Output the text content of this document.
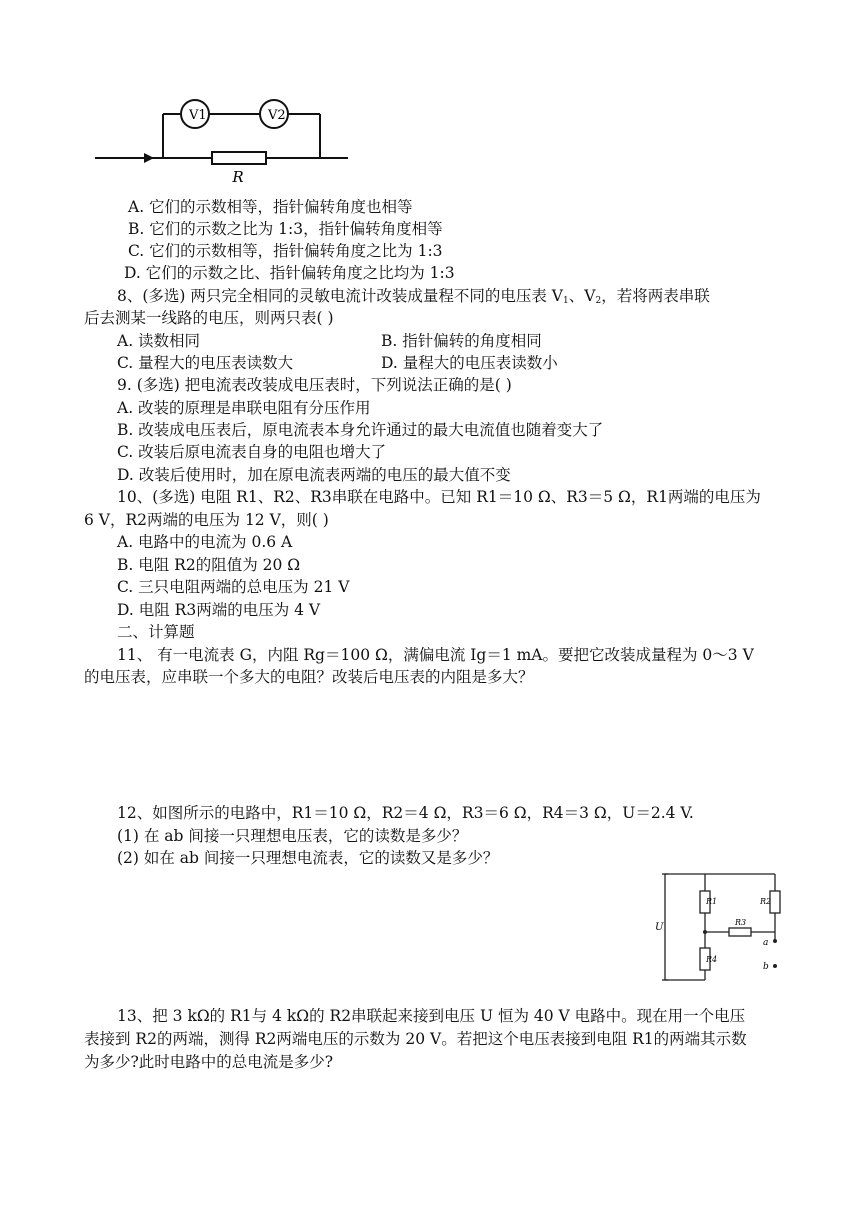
V1	V2
R
A. 它们的示数相等，指针偏转角度也相等
B. 它们的示数之比为 1:3，指针偏转角度相等
C. 它们的示数相等，指针偏转角度之比为 1:3
D. 它们的示数之比、指针偏转角度之比均为 1:3
8、(多选) 两只完全相同的灵敏电流计改装成量程不同的电压表 $V_1$、$V_2$，若将两表串联
后去测某一线路的电压，则两只表( )
A. 读数相同	B. 指针偏转的角度相同
C. 量程大的电压表读数大	D. 量程大的电压表读数小
9. (多选) 把电流表改装成电压表时，下列说法正确的是( )
A. 改装的原理是串联电阻有分压作用
B. 改装成电压表后，原电流表本身允许通过的最大电流值也随着变大了
C. 改装后原电流表自身的电阻也增大了
D. 改装后使用时，加在原电流表两端的电压的最大值不变
10、(多选) 电阻 R1、R2、R3串联在电路中。已知 R1＝10 Ω、R3＝5 Ω，R1两端的电压为
6 V，R2两端的电压为 12 V，则( )
A. 电路中的电流为 0.6 A
B. 电阻 R2的阻值为 20 Ω
C. 三只电阻两端的总电压为 21 V
D. 电阻 R3两端的电压为 4 V
二、计算题
11、 有一电流表 G，内阻 Rg＝100 Ω，满偏电流 Ig＝1 mA。要把它改装成量程为 0～3 V
的电压表，应串联一个多大的电阻？改装后电压表的内阻是多大？
12、如图所示的电路中，R1＝10 Ω，R2＝4 Ω，R3＝6 Ω，R4＝3 Ω，U＝2.4 V.
(1) 在 ab 间接一只理想电压表，它的读数是多少？
(2) 如在 ab 间接一只理想电流表，它的读数又是多少？
R1	R2
R3
R4
U
a
b
13、把 3 kΩ的 R1与 4 kΩ的 R2串联起来接到电压 U 恒为 40 V 电路中。现在用一个电压
表接到 R2的两端，测得 R2两端电压的示数为 20 V。若把这个电压表接到电阻 R1的两端其示数
为多少?此时电路中的总电流是多少?
